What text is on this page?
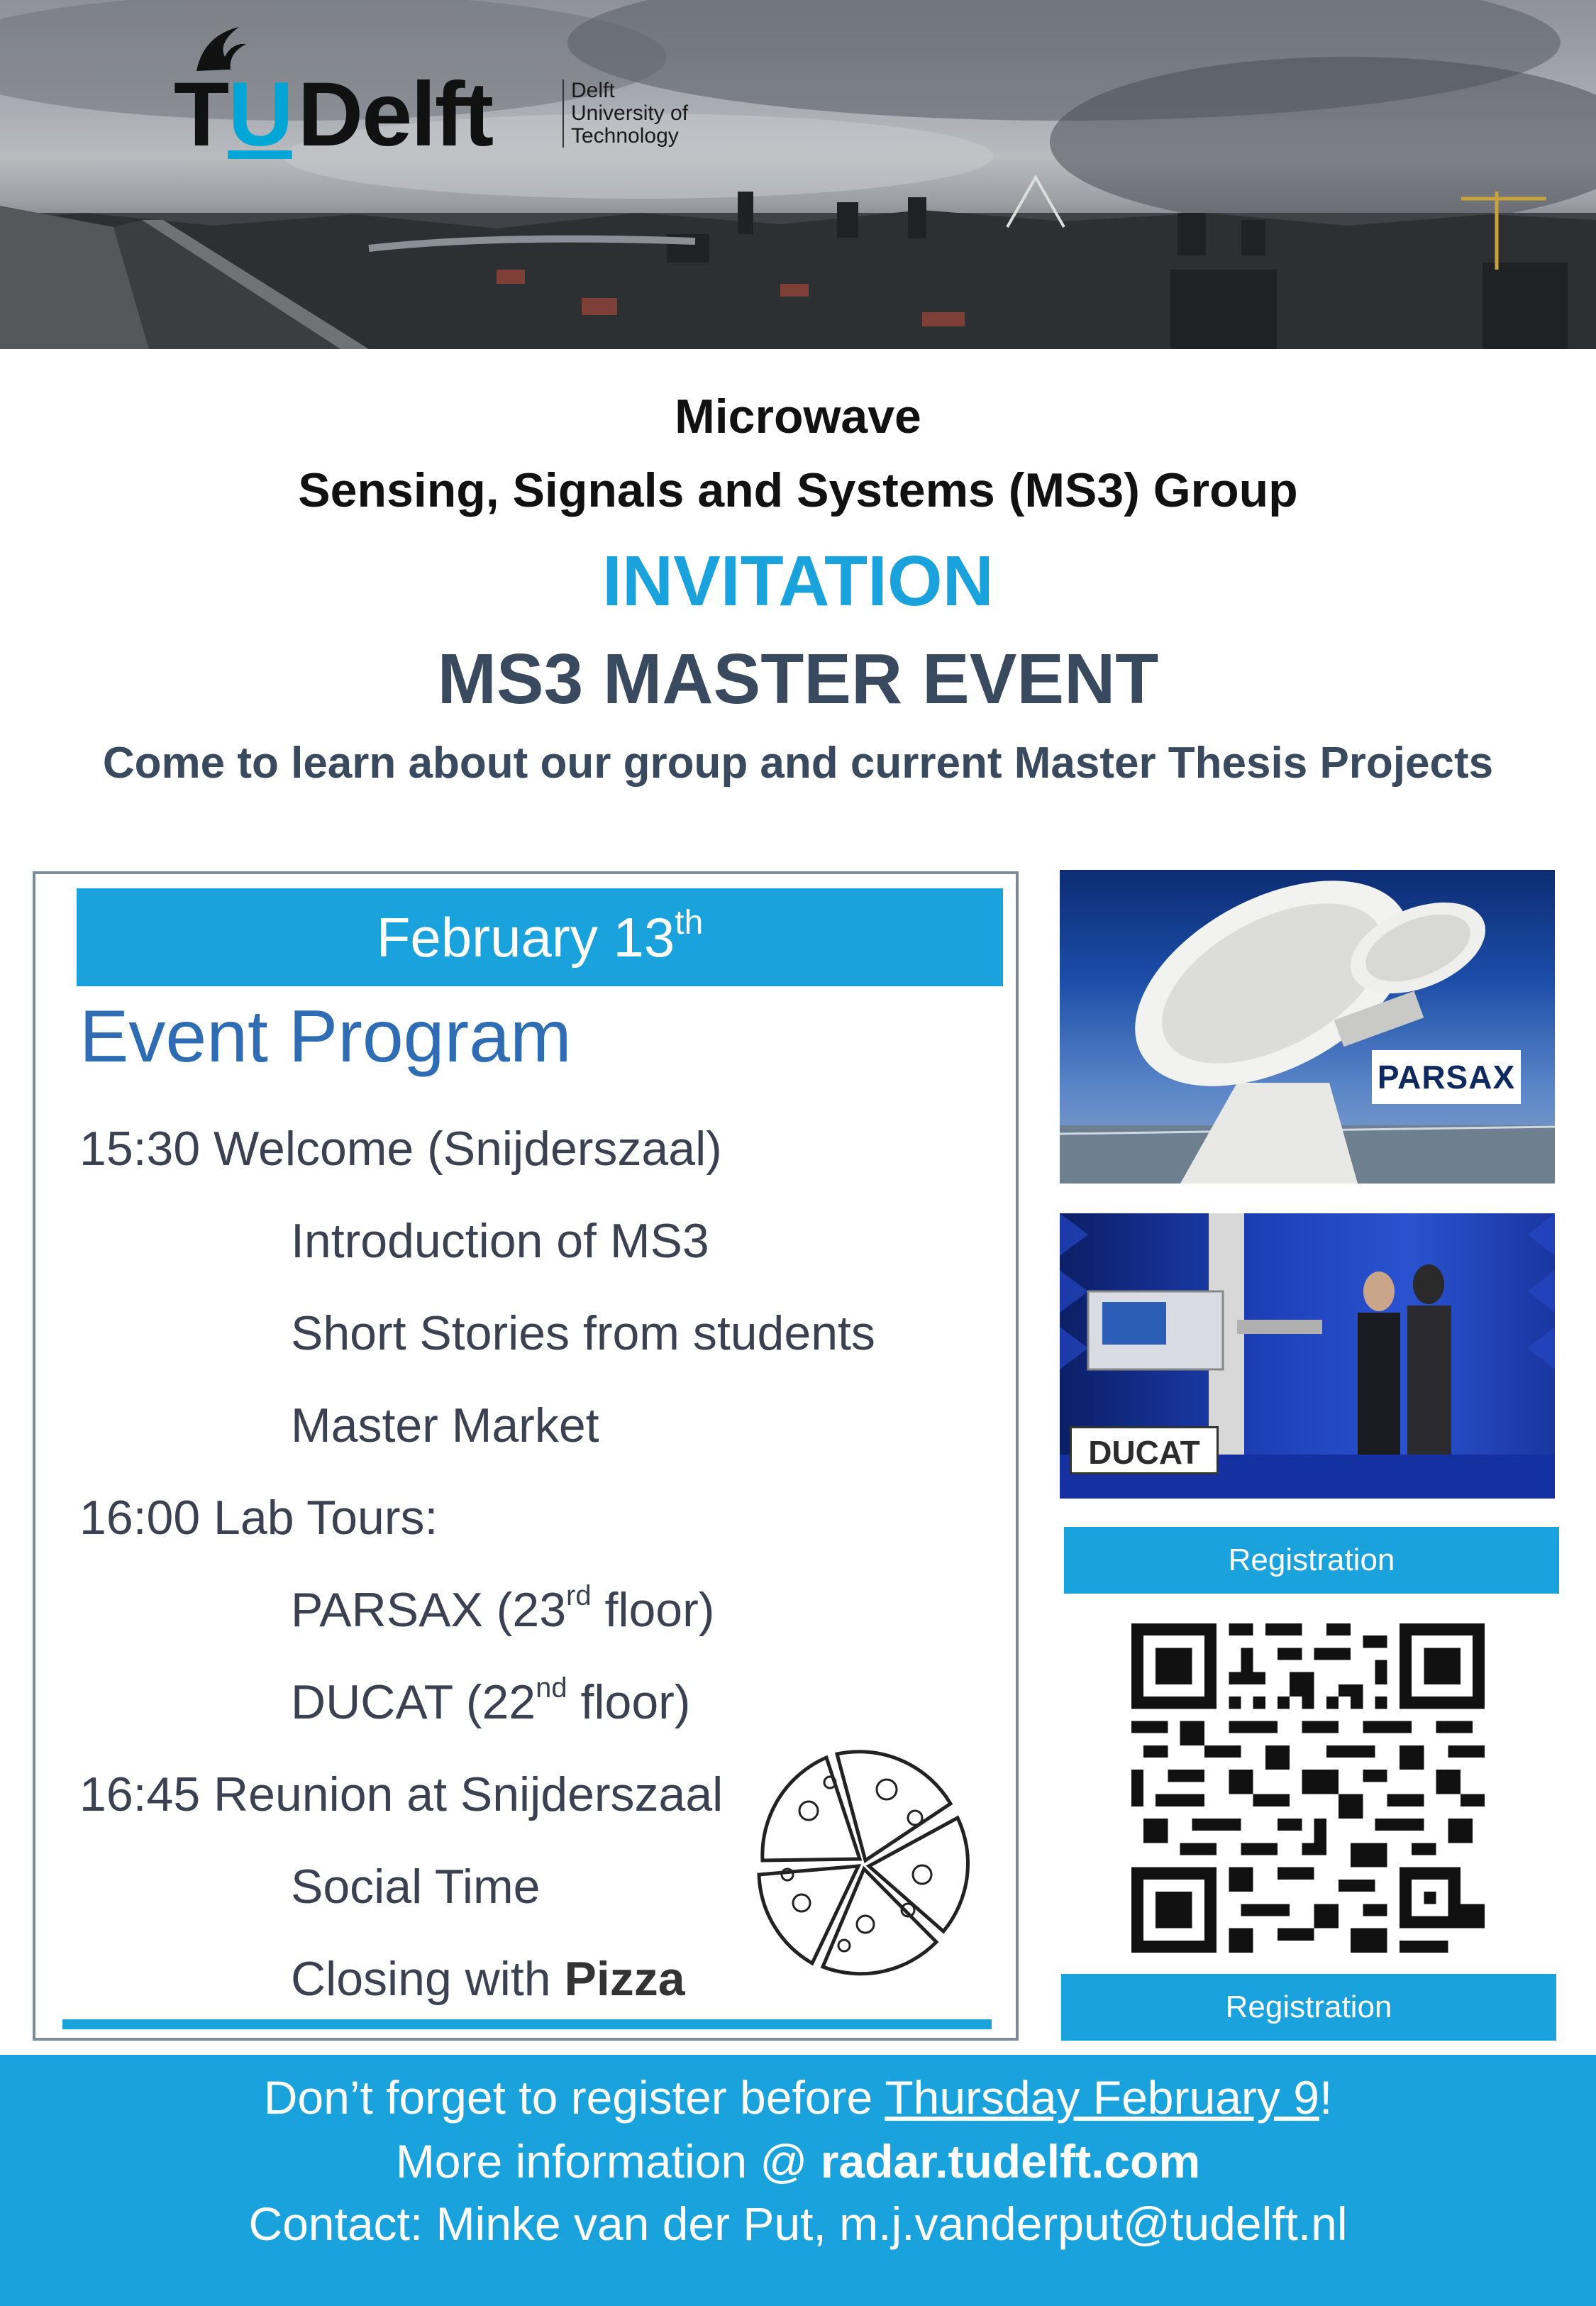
TUDelft	Delft
University of
Technology
Microwave
Sensing, Signals and Systems (MS3) Group
INVITATION
MS3 MASTER EVENT
Come to learn about our group and current Master Thesis Projects
February 13th
Event Program
15:30 Welcome (Snijderszaal)
Introduction of MS3
Short Stories from students
Master Market
16:00 Lab Tours:
PARSAX (23rd floor)
DUCAT (22nd floor)
16:45 Reunion at Snijderszaal
Social Time
Closing with Pizza
PARSAX
DUCAT
Registration
Registration
Don’t forget to register before Thursday February 9!
More information @ radar.tudelft.com
Contact: Minke van der Put, m.j.vanderput@tudelft.nl
